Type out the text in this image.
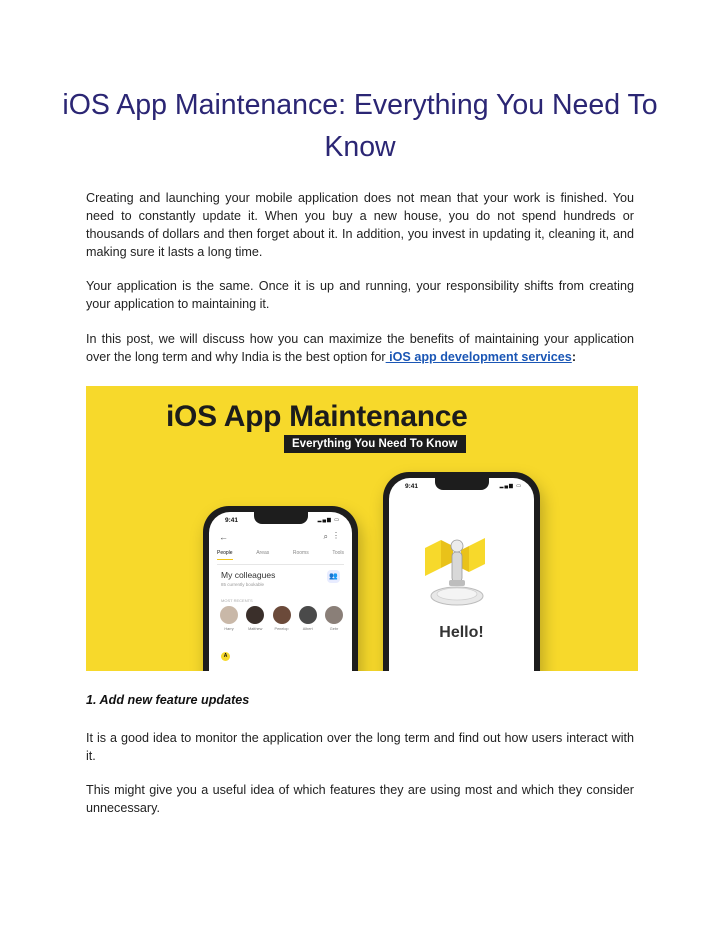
iOS App Maintenance: Everything You Need To Know

Creating and launching your mobile application does not mean that your work is finished. You need to constantly update it. When you buy a new house, you do not spend hundreds or thousands of dollars and then forget about it. In addition, you invest in updating it, cleaning it, and making sure it lasts a long time.

Your application is the same. Once it is up and running, your responsibility shifts from creating your application to maintaining it.

In this post, we will discuss how you can maximize the benefits of maintaining your application over the long term and why India is the best option for iOS app development services:

iOS App Maintenance
Everything You Need To Know
9:41	▂▄▆ ▭
←	⌕ ⋮
People	Areas	Rooms	Tools
My colleagues
85 currently bookable
👥
MOST RECENTS
Harry	Matthew	Penelop	Albert	Gebr
A
9:41	▂▄▆ ▭
Hello!

1. Add new feature updates

It is a good idea to monitor the application over the long term and find out how users interact with it.

This might give you a useful idea of which features they are using most and which they consider unnecessary.
